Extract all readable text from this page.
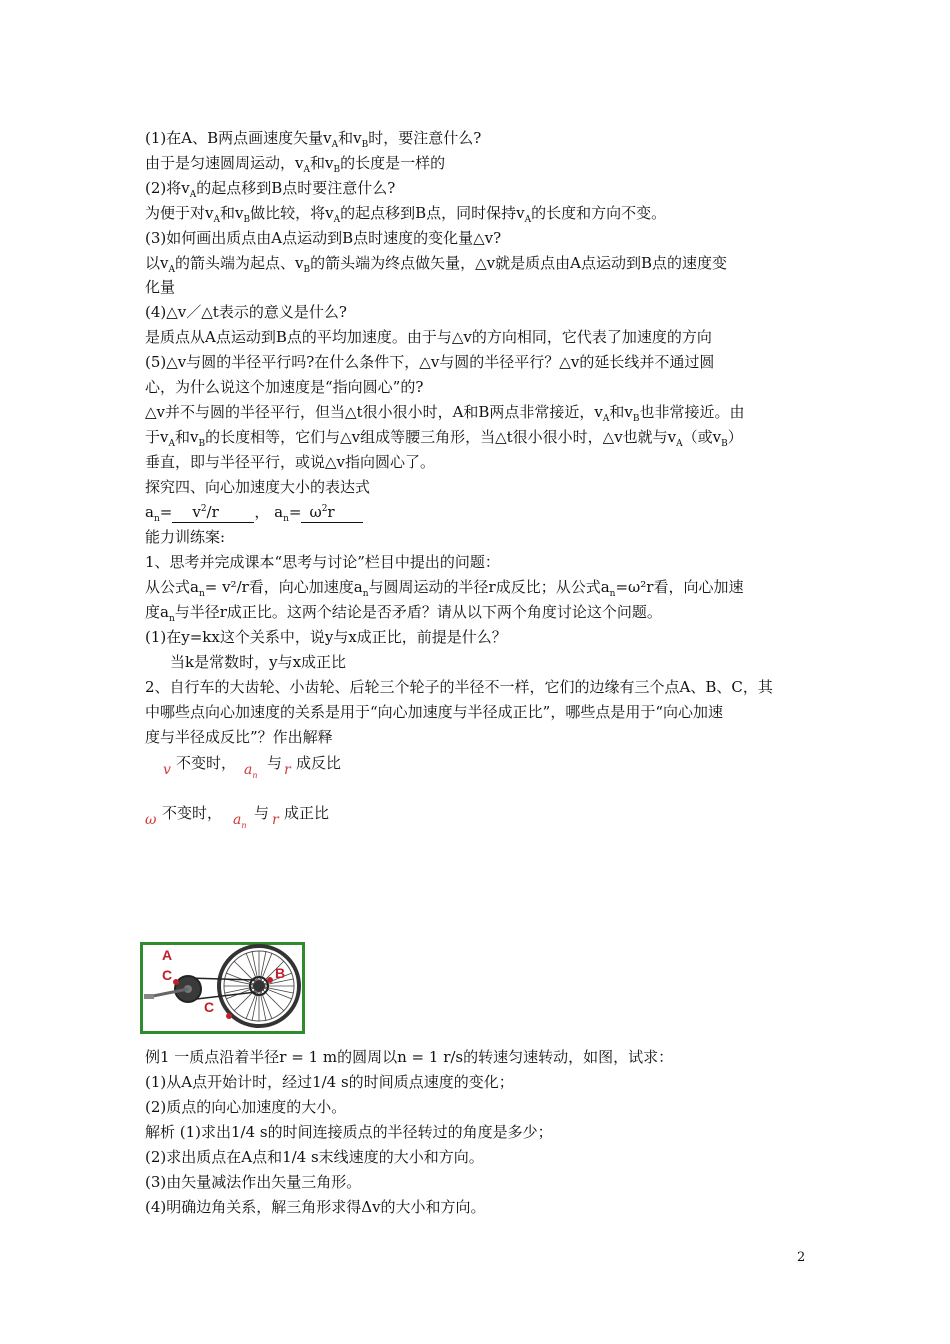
(1)在A、B两点画速度矢量$v_A$和$v_B$时，要注意什么?
由于是匀速圆周运动，$v_A$和$v_B$的长度是一样的
(2)将$v_A$的起点移到B点时要注意什么?
为便于对$v_A$和$v_B$做比较，将$v_A$的起点移到B点，同时保持$v_A$的长度和方向不变。
(3)如何画出质点由A点运动到B点时速度的变化量△v?
以$v_A$的箭头端为起点、$v_B$的箭头端为终点做矢量，△v就是质点由A点运动到B点的速度变
化量
(4)△v／△t表示的意义是什么?
是质点从A点运动到B点的平均加速度。由于与△v的方向相同，它代表了加速度的方向
(5)△v与圆的半径平行吗?在什么条件下，△v与圆的半径平行？△v的延长线并不通过圆
心，为什么说这个加速度是“指向圆心”的?
△v并不与圆的半径平行，但当△t很小很小时，A和B两点非常接近，$v_A$和$v_B$也非常接近。由
于$v_A$和$v_B$的长度相等，它们与△v组成等腰三角形，当△t很小很小时，△v也就与$v_A$（或$v_B$）
垂直，即与半径平行，或说△v指向圆心了。
探究四、向心加速度大小的表达式
$a_n= v^2/r$ ， $a_n= \omega^2r$
能力训练案:
1、思考并完成课本“思考与讨论”栏目中提出的问题：
从公式$a_n= v^2/r$看，向心加速度$a_n$与圆周运动的半径r成反比；从公式$a_n=\omega^2r$看，向心加速
度$a_n$与半径r成正比。这两个结论是否矛盾？请从以下两个角度讨论这个问题。
(1)在y=kx这个关系中，说y与x成正比，前提是什么？
当k是常数时，y与x成正比
2、自行车的大齿轮、小齿轮、后轮三个轮子的半径不一样，它们的边缘有三个点A、B、C，其
中哪些点向心加速度的关系是用于“向心加速度与半径成正比”，哪些点是用于“向心加速
度与半径成反比”？作出解释
v 不变时， $a_n$
与 r 成反比
ω 不变时， $a_n$
与 r 成正比
A
C	B
C
例1 一质点沿着半径r = 1 m的圆周以n = 1 r/s的转速匀速转动，如图，试求：
(1)从A点开始计时，经过1/4 s的时间质点速度的变化；
(2)质点的向心加速度的大小。
解析 (1)求出1/4 s的时间连接质点的半径转过的角度是多少；
(2)求出质点在A点和1/4 s末线速度的大小和方向。
(3)由矢量减法作出矢量三角形。
(4)明确边角关系，解三角形求得Δv的大小和方向。
2
